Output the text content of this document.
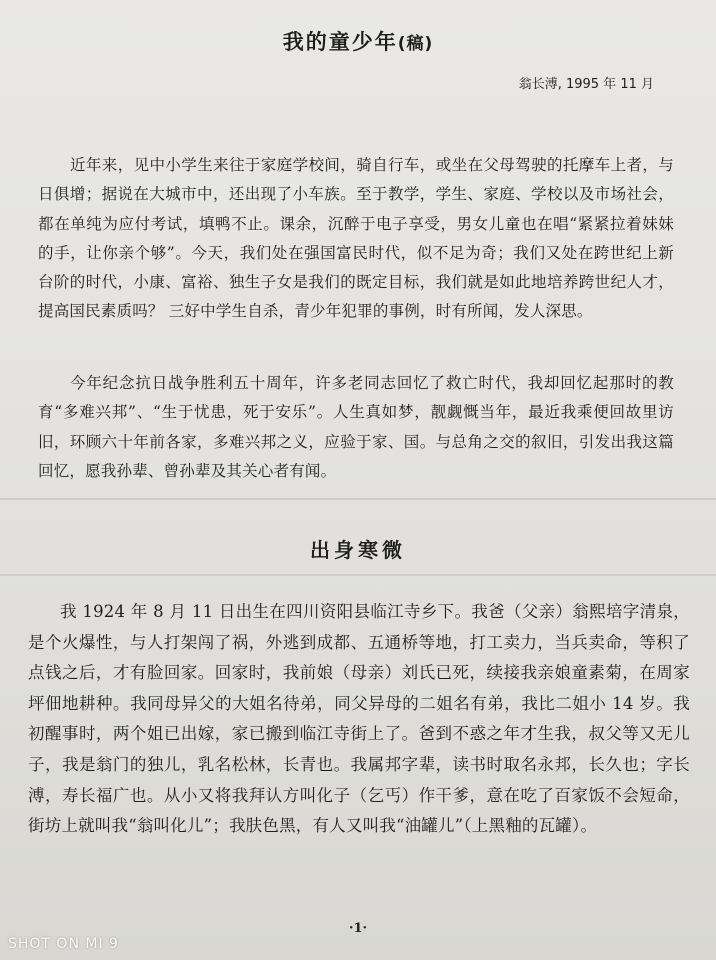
我的童少年(稿)
翁长溥, 1995 年 11 月
近年来，见中小学生来往于家庭学校间，骑自行车，或坐在父母驾驶的托摩车上者，与日俱增；据说在大城市中，还出现了小车族。至于教学，学生、家庭、学校以及市场社会，都在单纯为应付考试，填鸭不止。课余，沉醉于电子享受，男女儿童也在唱“紧紧拉着妹妹的手，让你亲个够”。今天，我们处在强国富民时代，似不足为奇；我们又处在跨世纪上新台阶的时代，小康、富裕、独生子女是我们的既定目标，我们就是如此地培养跨世纪人才，提高国民素质吗？ 三好中学生自杀，青少年犯罪的事例，时有所闻，发人深思。
今年纪念抗日战争胜利五十周年，许多老同志回忆了救亡时代，我却回忆起那时的教育“多难兴邦”、“生于忧患，死于安乐”。人生真如梦，靓觑慨当年，最近我乘便回故里访旧，环顾六十年前各家，多难兴邦之义，应验于家、国。与总角之交的叙旧，引发出我这篇回忆，愿我孙辈、曾孙辈及其关心者有闻。
出身寒微
我 1924 年 8 月 11 日出生在四川资阳县临江寺乡下。我爸（父亲）翁熙培字清泉，是个火爆性，与人打架闯了祸，外逃到成都、五通桥等地，打工卖力，当兵卖命，等积了点钱之后，才有脸回家。回家时，我前娘（母亲）刘氏已死，续接我亲娘童素菊，在周家坪佃地耕种。我同母异父的大姐名待弟，同父异母的二姐名有弟，我比二姐小 14 岁。我初醒事时，两个姐已出嫁，家已搬到临江寺街上了。爸到不惑之年才生我，叔父等又无儿子，我是翁门的独儿，乳名松林，长青也。我属邦字辈，读书时取名永邦，长久也；字长溥，寿长福广也。从小又将我拜认方叫化子（乞丐）作干爹，意在吃了百家饭不会短命，街坊上就叫我“翁叫化儿”；我肤色黑，有人又叫我“油罐儿”（上黑釉的瓦罐）。
·1·
SHOT ON MI 9
